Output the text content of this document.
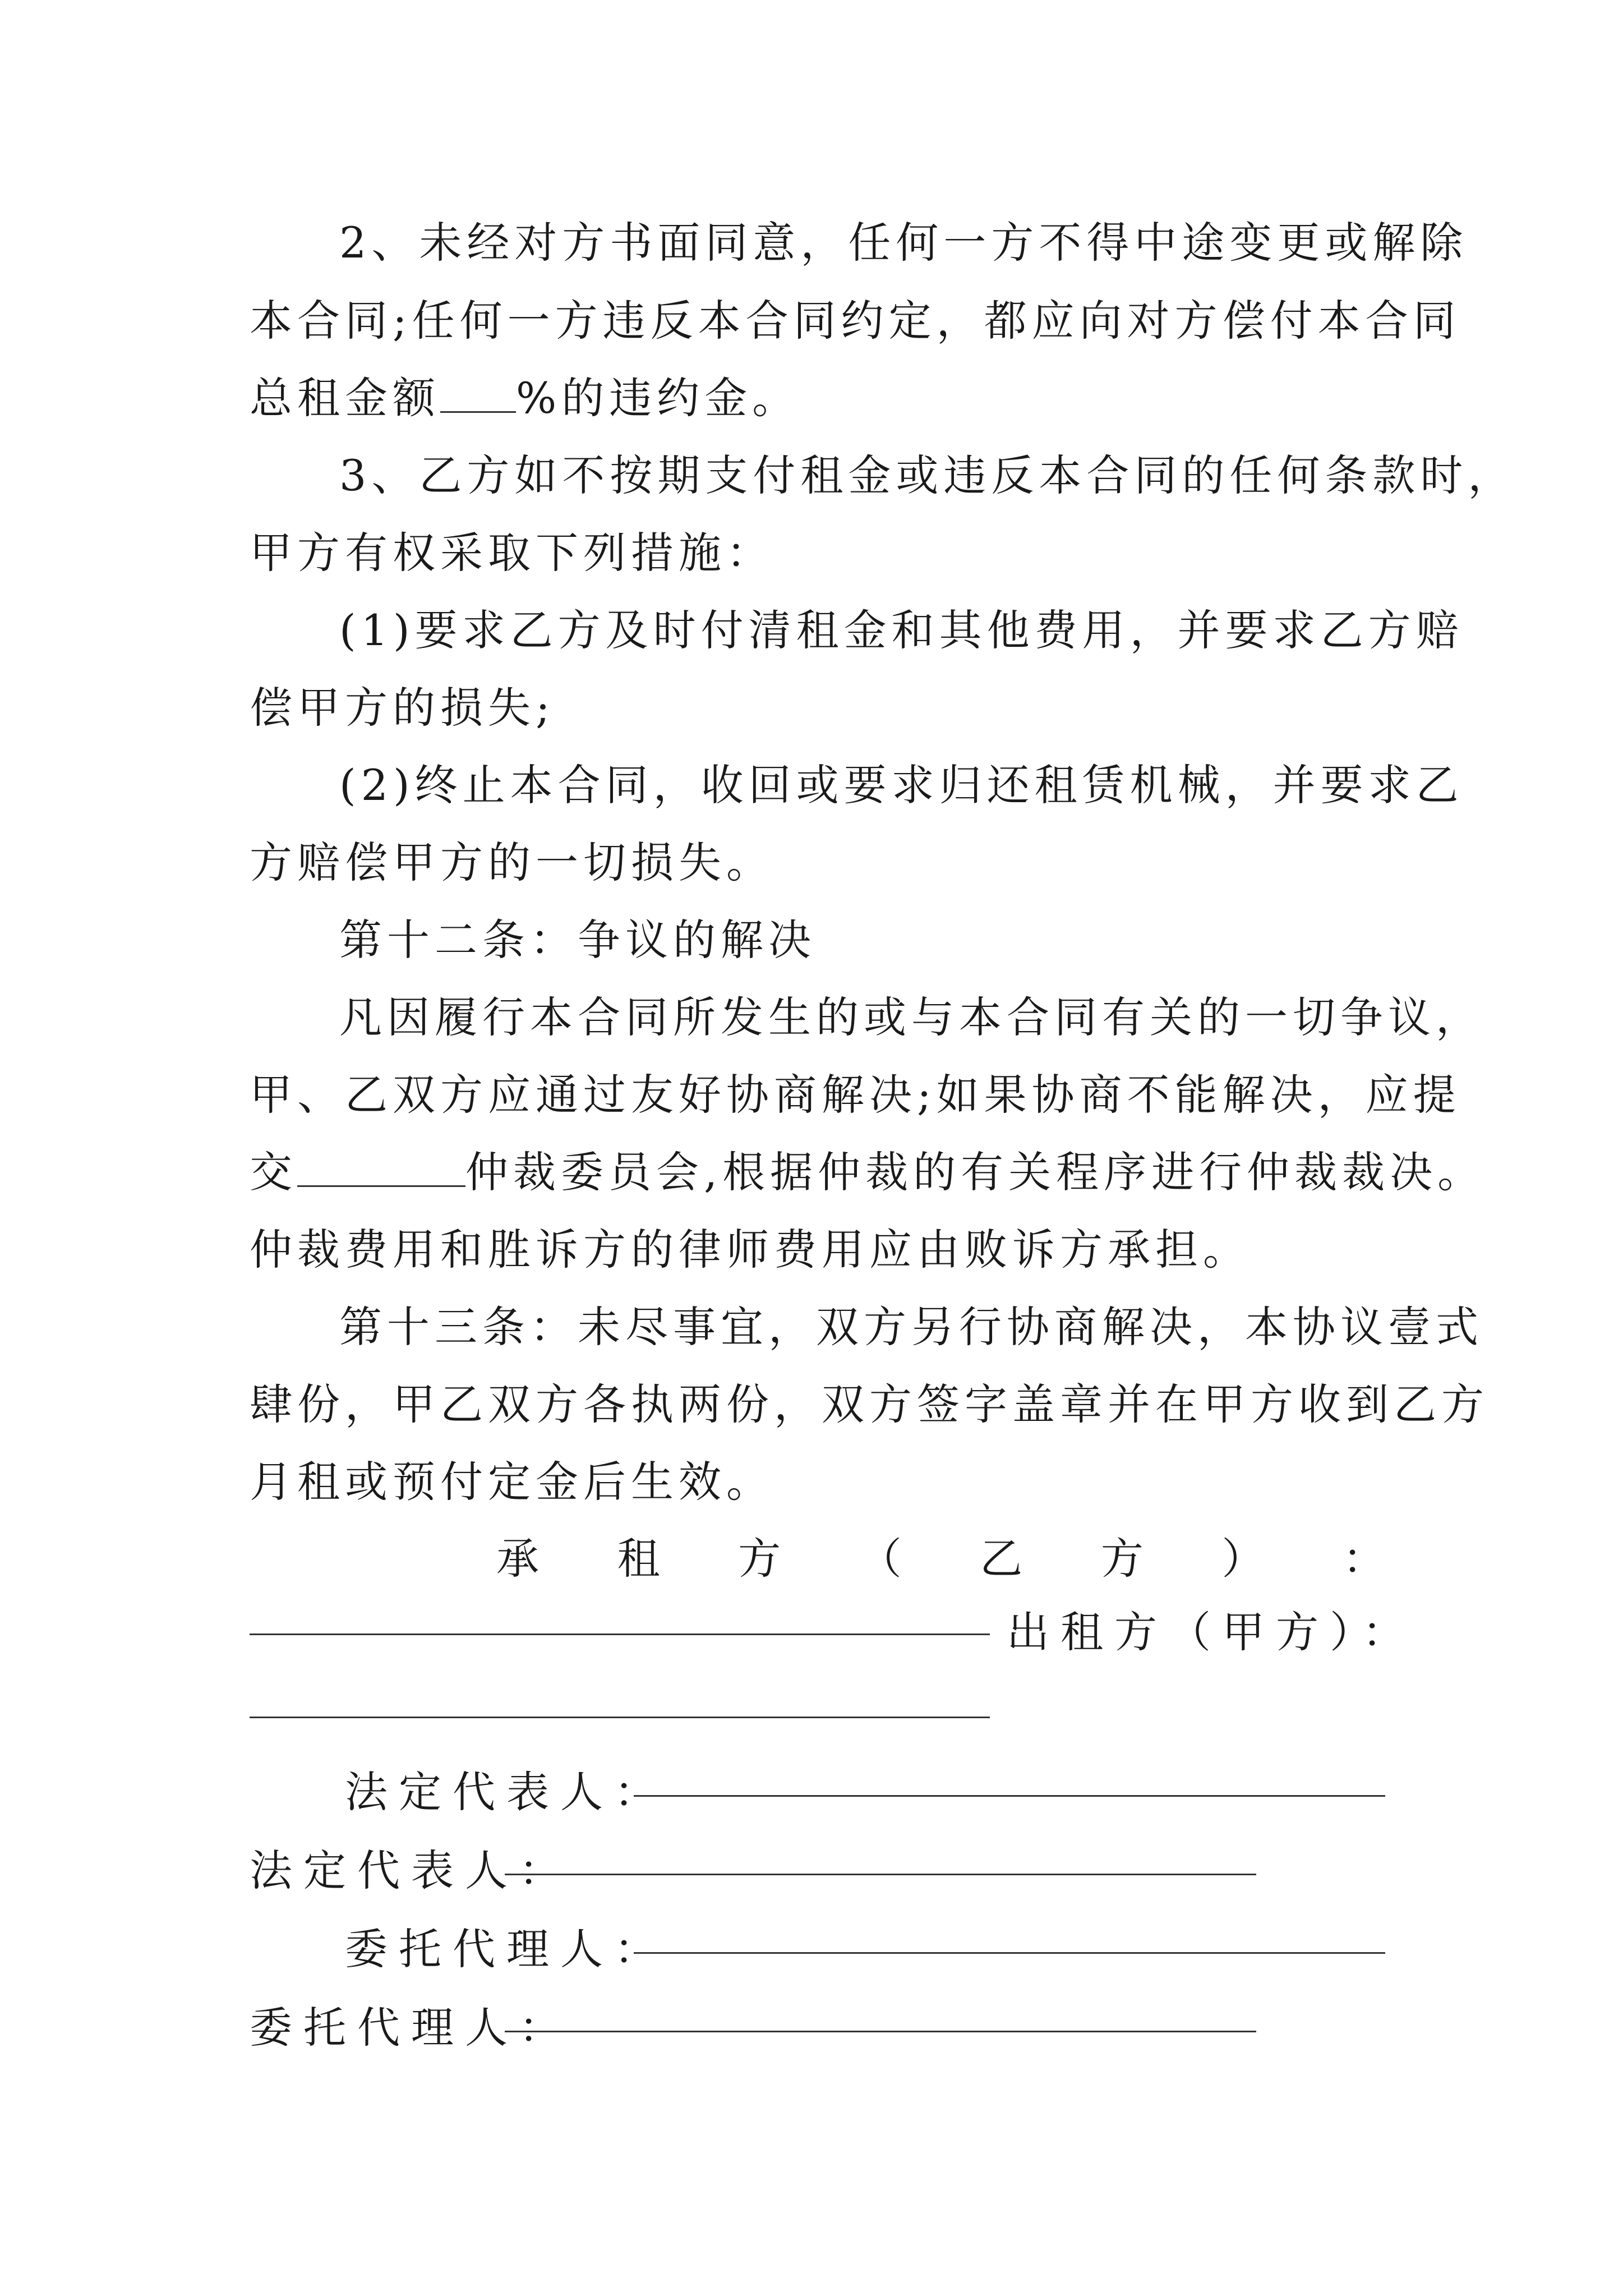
2、未经对方书面同意，任何一方不得中途变更或解除
本合同;任何一方违反本合同约定，都应向对方偿付本合同
总租金额 %的违约金。
3、乙方如不按期支付租金或违反本合同的任何条款时，
甲方有权采取下列措施：
(1)要求乙方及时付清租金和其他费用，并要求乙方赔
偿甲方的损失;
(2)终止本合同，收回或要求归还租赁机械，并要求乙
方赔偿甲方的一切损失。
第十二条：争议的解决
凡因履行本合同所发生的或与本合同有关的一切争议，
甲、乙双方应通过友好协商解决;如果协商不能解决，应提
交	仲裁委员会,根据仲裁的有关程序进行仲裁裁决。
仲裁费用和胜诉方的律师费用应由败诉方承担。
第十三条：未尽事宜，双方另行协商解决，本协议壹式
肆份，甲乙双方各执两份，双方签字盖章并在甲方收到乙方
月租或预付定金后生效。
承 租 方 （ 乙 方 ） ：
出租方（甲方）：
法定代表人：
法定代表人：
委托代理人：
委托代理人：
